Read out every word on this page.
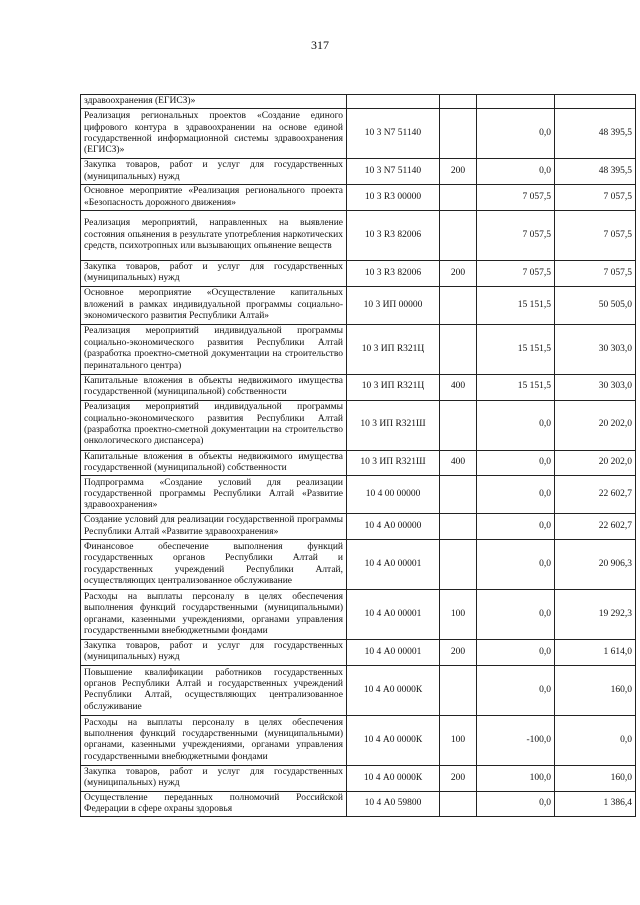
317
здравоохранения (ЕГИСЗ)»				
Реализация региональных проектов «Создание единого цифрового контура в здравоохранении на основе единой государственной информационной системы здравоохранения (ЕГИСЗ)»	10 3 N7 51140		0,0	48 395,5
Закупка товаров, работ и услуг для государственных (муниципальных) нужд	10 3 N7 51140	200	0,0	48 395,5
Основное мероприятие «Реализация регионального проекта «Безопасность дорожного движения»	10 3 R3 00000		7 057,5	7 057,5
Реализация мероприятий, направленных на выявление состояния опьянения в результате употребления наркотических средств, психотропных или вызывающих опьянение веществ	10 3 R3 82006		7 057,5	7 057,5
Закупка товаров, работ и услуг для государственных (муниципальных) нужд	10 3 R3 82006	200	7 057,5	7 057,5
Основное мероприятие «Осуществление капитальных вложений в рамках индивидуальной программы социально-экономического развития Республики Алтай»	10 3 ИП 00000		15 151,5	50 505,0
Реализация мероприятий индивидуальной программы социально-экономического развития Республики Алтай (разработка проектно-сметной документации на строительство перинатального центра)	10 3 ИП R321Ц		15 151,5	30 303,0
Капитальные вложения в объекты недвижимого имущества государственной (муниципальной) собственности	10 3 ИП R321Ц	400	15 151,5	30 303,0
Реализация мероприятий индивидуальной программы социально-экономического развития Республики Алтай (разработка проектно-сметной документации на строительство онкологического диспансера)	10 3 ИП R321Ш		0,0	20 202,0
Капитальные вложения в объекты недвижимого имущества государственной (муниципальной) собственности	10 3 ИП R321Ш	400	0,0	20 202,0
Подпрограмма «Создание условий для реализации государственной программы Республики Алтай «Развитие здравоохранения»	10 4 00 00000		0,0	22 602,7
Создание условий для реализации государственной программы Республики Алтай «Развитие здравоохранения»	10 4 А0 00000		0,0	22 602,7
Финансовое обеспечение выполнения функций государственных органов Республики Алтай и государственных учреждений Республики Алтай, осуществляющих централизованное обслуживание	10 4 А0 00001		0,0	20 906,3
Расходы на выплаты персоналу в целях обеспечения выполнения функций государственными (муниципальными) органами, казенными учреждениями, органами управления государственными внебюджетными фондами	10 4 А0 00001	100	0,0	19 292,3
Закупка товаров, работ и услуг для государственных (муниципальных) нужд	10 4 А0 00001	200	0,0	1 614,0
Повышение квалификации работников государственных органов Республики Алтай и государственных учреждений Республики Алтай, осуществляющих централизованное обслуживание	10 4 А0 0000К		0,0	160,0
Расходы на выплаты персоналу в целях обеспечения выполнения функций государственными (муниципальными) органами, казенными учреждениями, органами управления государственными внебюджетными фондами	10 4 А0 0000К	100	-100,0	0,0
Закупка товаров, работ и услуг для государственных (муниципальных) нужд	10 4 А0 0000К	200	100,0	160,0
Осуществление переданных полномочий Российской Федерации в сфере охраны здоровья	10 4 А0 59800		0,0	1 386,4
